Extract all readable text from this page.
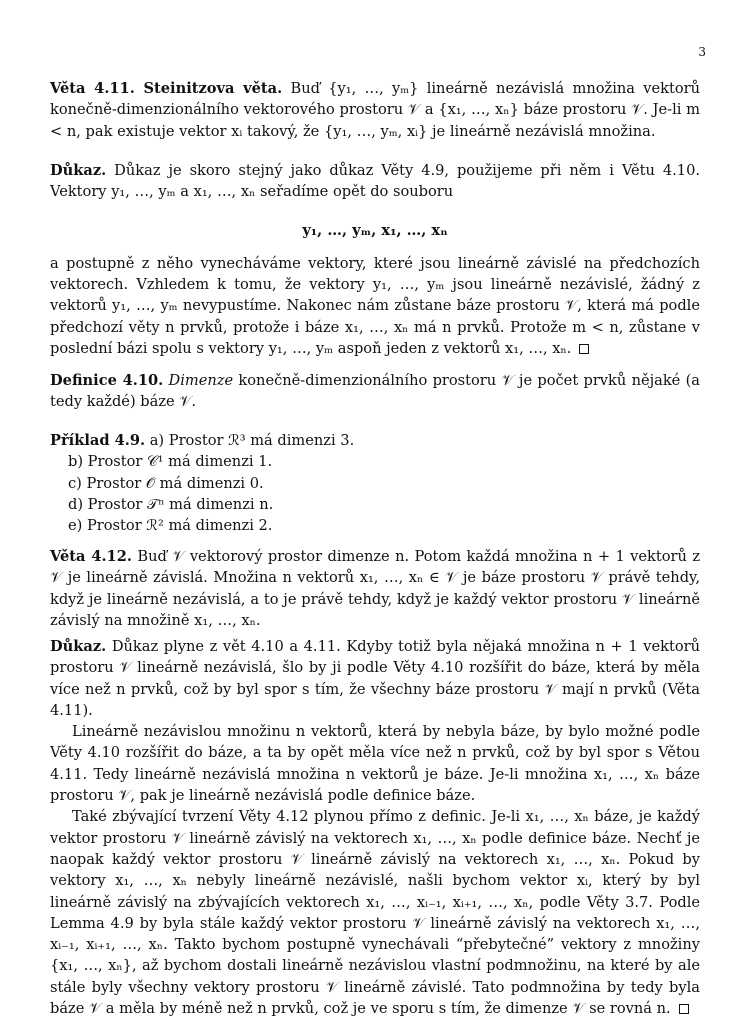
3

Věta 4.11. Steinitzova věta. Buď {y₁, …, yₘ} lineárně nezávislá množina vektorů konečně-dimenzionálního vektorového prostoru 𝒱 a {x₁, …, xₙ} báze prostoru 𝒱. Je-li m < n, pak existuje vektor xᵢ takový, že {y₁, …, yₘ, xᵢ} je lineárně nezávislá množina.

Důkaz. Důkaz je skoro stejný jako důkaz Věty 4.9, použijeme při něm i Větu 4.10. Vektory y₁, …, yₘ a x₁, …, xₙ seřadíme opět do souboru

y₁, …, yₘ, x₁, …, xₙ

a postupně z něho vynecháváme vektory, které jsou lineárně závislé na předchozích vektorech. Vzhledem k tomu, že vektory y₁, …, yₘ jsou lineárně nezávislé, žádný z vektorů y₁, …, yₘ nevypustíme. Nakonec nám zůstane báze prostoru 𝒱, která má podle předchozí věty n prvků, protože i báze x₁, …, xₙ má n prvků. Protože m < n, zůstane v poslední bázi spolu s vektory y₁, …, yₘ aspoň jeden z vektorů x₁, …, xₙ.

Definice 4.10. Dimenze konečně-dimenzionálního prostoru 𝒱 je počet prvků nějaké (a tedy každé) báze 𝒱.

Příklad 4.9. a) Prostor ℛ³ má dimenzi 3.

b) Prostor 𝒞¹ má dimenzi 1.

c) Prostor 𝒪 má dimenzi 0.

d) Prostor 𝒯ⁿ má dimenzi n.

e) Prostor ℛ² má dimenzi 2.

Věta 4.12. Buď 𝒱 vektorový prostor dimenze n. Potom každá množina n + 1 vektorů z 𝒱 je lineárně závislá. Množina n vektorů x₁, …, xₙ ∈ 𝒱 je báze prostoru 𝒱 právě tehdy, když je lineárně nezávislá, a to je právě tehdy, když je každý vektor prostoru 𝒱 lineárně závislý na množině x₁, …, xₙ.

Důkaz. Důkaz plyne z vět 4.10 a 4.11. Kdyby totiž byla nějaká množina n + 1 vektorů prostoru 𝒱 lineárně nezávislá, šlo by ji podle Věty 4.10 rozšířit do báze, která by měla více než n prvků, což by byl spor s tím, že všechny báze prostoru 𝒱 mají n prvků (Věta 4.11).

Lineárně nezávislou množinu n vektorů, která by nebyla báze, by bylo možné podle Věty 4.10 rozšířit do báze, a ta by opět měla více než n prvků, což by byl spor s Větou 4.11. Tedy lineárně nezávislá množina n vektorů je báze. Je-li množina x₁, …, xₙ báze prostoru 𝒱, pak je lineárně nezávislá podle definice báze.

Také zbývající tvrzení Věty 4.12 plynou přímo z definic. Je-li x₁, …, xₙ báze, je každý vektor prostoru 𝒱 lineárně závislý na vektorech x₁, …, xₙ podle definice báze. Nechť je naopak každý vektor prostoru 𝒱 lineárně závislý na vektorech x₁, …, xₙ. Pokud by vektory x₁, …, xₙ nebyly lineárně nezávislé, našli bychom vektor xᵢ, který by byl lineárně závislý na zbývajících vektorech x₁, …, xᵢ₋₁, xᵢ₊₁, …, xₙ, podle Věty 3.7. Podle Lemma 4.9 by byla stále každý vektor prostoru 𝒱 lineárně závislý na vektorech x₁, …, xᵢ₋₁, xᵢ₊₁, …, xₙ. Takto bychom postupně vynechávali “přebytečné” vektory z množiny {x₁, …, xₙ}, až bychom dostali lineárně nezávislou vlastní podmnožinu, na které by ale stále byly všechny vektory prostoru 𝒱 lineárně závislé. Tato podmnožina by tedy byla báze 𝒱 a měla by méně než n prvků, což je ve sporu s tím, že dimenze 𝒱 se rovná n.
